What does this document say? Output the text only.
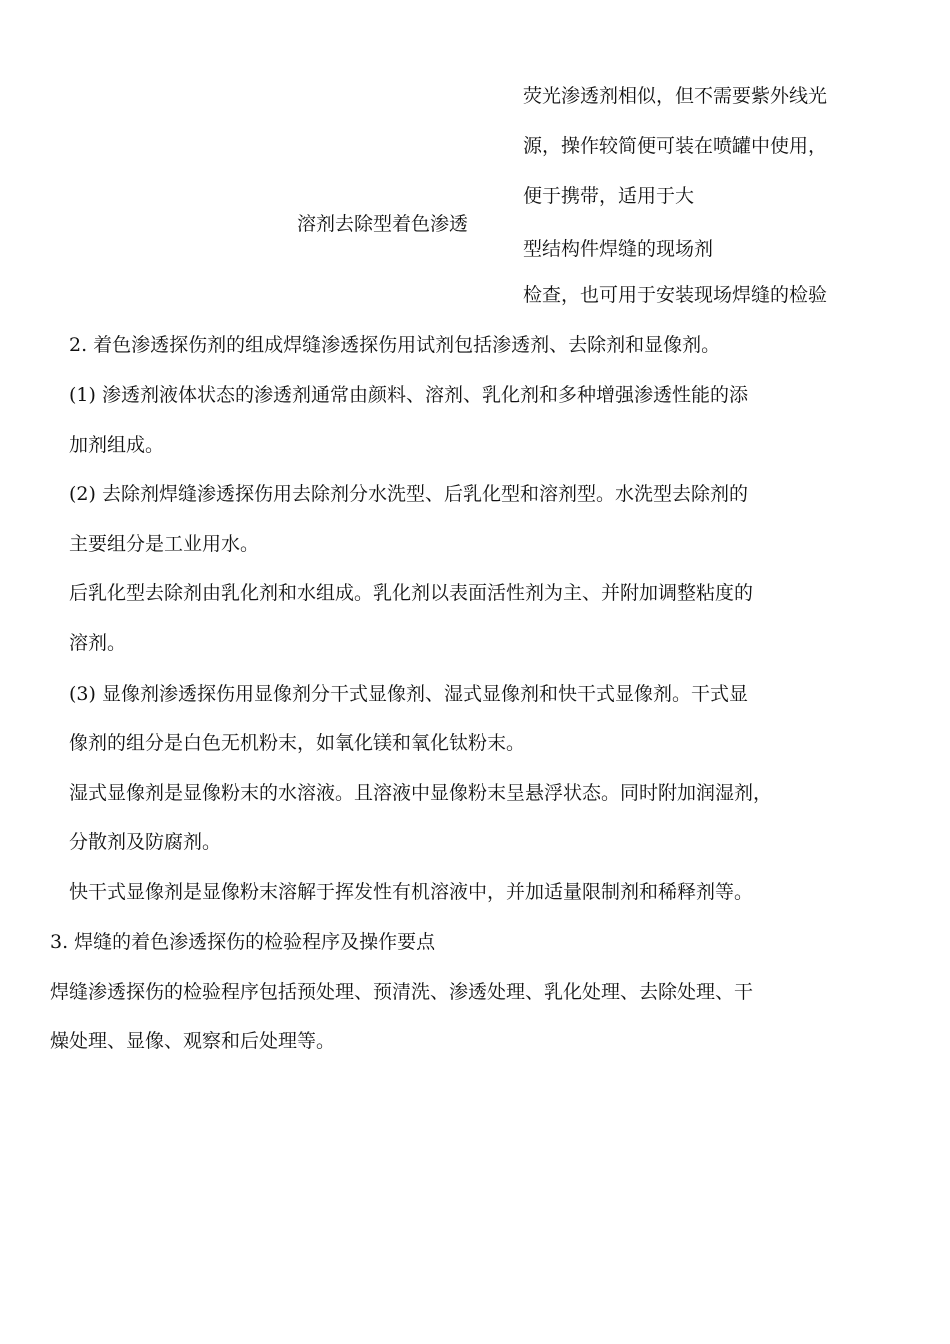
荧光渗透剂相似，但不需要紫外线光
源，操作较简便可装在喷罐中使用，
便于携带，适用于大
型结构件焊缝的现场剂
检查，也可用于安装现场焊缝的检验
溶剂去除型着色渗透
2. 着色渗透探伤剂的组成焊缝渗透探伤用试剂包括渗透剂、去除剂和显像剂。
(1) 渗透剂液体状态的渗透剂通常由颜料、溶剂、乳化剂和多种增强渗透性能的添
加剂组成。
(2) 去除剂焊缝渗透探伤用去除剂分水洗型、后乳化型和溶剂型。水洗型去除剂的
主要组分是工业用水。
后乳化型去除剂由乳化剂和水组成。乳化剂以表面活性剂为主、并附加调整粘度的
溶剂。
(3) 显像剂渗透探伤用显像剂分干式显像剂、湿式显像剂和快干式显像剂。干式显
像剂的组分是白色无机粉末，如氧化镁和氧化钛粉末。
湿式显像剂是显像粉末的水溶液。且溶液中显像粉末呈悬浮状态。同时附加润湿剂，
分散剂及防腐剂。
快干式显像剂是显像粉末溶解于挥发性有机溶液中，并加适量限制剂和稀释剂等。
3. 焊缝的着色渗透探伤的检验程序及操作要点
焊缝渗透探伤的检验程序包括预处理、预清洗、渗透处理、乳化处理、去除处理、干
燥处理、显像、观察和后处理等。
